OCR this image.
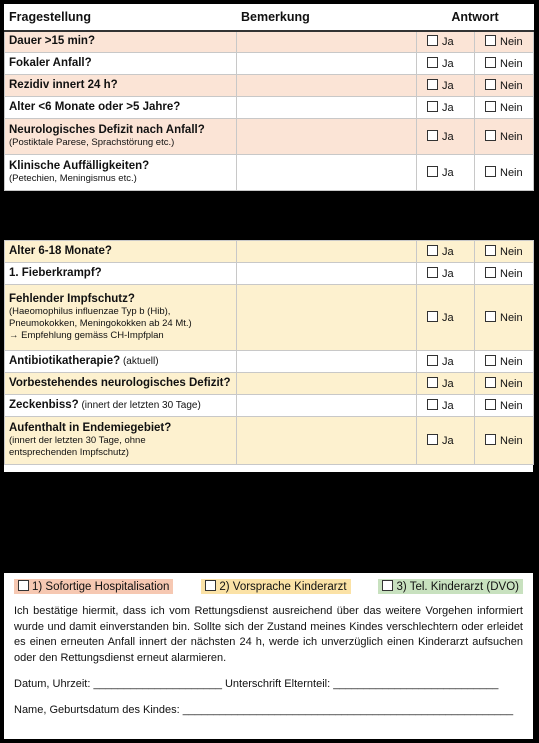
Fragestellung	Bemerkung	Antwort	
Dauer >15 min?		Ja	Nein
Fokaler Anfall?		Ja	Nein
Rezidiv innert 24 h?		Ja	Nein
Alter <6 Monate oder >5 Jahre?		Ja	Nein
Neurologisches Defizit nach Anfall?
(Postiktale Parese, Sprachstörung etc.)		Ja	Nein
Klinische Auffälligkeiten?
(Petechien, Meningismus etc.)		Ja	Nein
Alter 6-18 Monate?		Ja	Nein
1. Fieberkrampf?		Ja	Nein
Fehlender Impfschutz?
(Haeomophilus influenzae Typ b (Hib),
Pneumokokken, Meningokokken ab 24 Mt.)
→ Empfehlung gemäss CH-Impfplan		Ja	Nein
Antibiotikatherapie? (aktuell)		Ja	Nein
Vorbestehendes neurologisches Defizit?		Ja	Nein
Zeckenbiss? (innert der letzten 30 Tage)		Ja	Nein
Aufenthalt in Endemiegebiet?
(innert der letzten 30 Tage, ohne
entsprechenden Impfschutz)		Ja	Nein
1) Sofortige Hospitalisation	2) Vorsprache Kinderarzt	3) Tel. Kinderarzt (DVO)

Ich bestätige hiermit, dass ich vom Rettungsdienst ausreichend über das weitere Vorgehen informiert wurde und damit einverstanden bin. Sollte sich der Zustand meines Kindes verschlechtern oder erleidet es einen erneuten Anfall innert der nächsten 24 h, werde ich unverzüglich einen Kinderarzt aufsuchen oder den Rettungsdienst erneut alarmieren.

Datum, Uhrzeit: _____________________ Unterschrift Elternteil: ___________________________

Name, Geburtsdatum des Kindes: ______________________________________________________
